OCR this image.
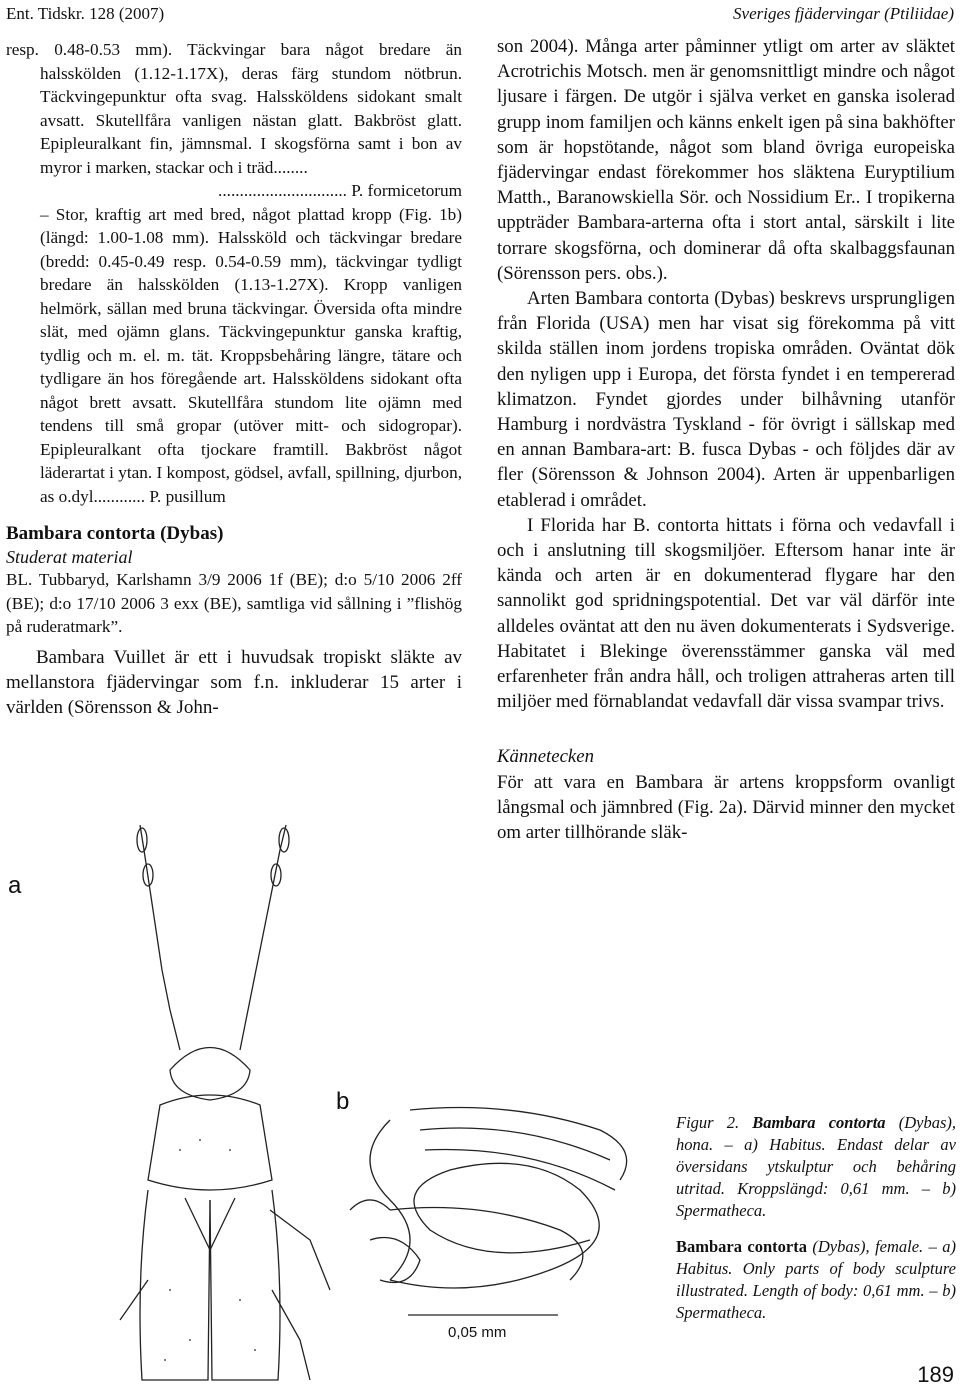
Ent. Tidskr. 128 (2007)	Sveriges fjädervingar (Ptiliidae)

resp. 0.48-0.53 mm). Täckvingar bara något bredare än halsskölden (1.12-1.17X), deras färg stundom nötbrun. Täckvingepunktur ofta svag. Halssköldens sidokant smalt avsatt. Skutellfåra vanligen nästan glatt. Bakbröst glatt. Epipleuralkant fin, jämnsmal. I skogsförna samt i bon av myror i marken, stackar och i träd........

.............................. P. formicetorum

– Stor, kraftig art med bred, något plattad kropp (Fig. 1b) (längd: 1.00-1.08 mm). Halssköld och täckvingar bredare (bredd: 0.45-0.49 resp. 0.54-0.59 mm), täckvingar tydligt bredare än halsskölden (1.13-1.27X). Kropp vanligen helmörk, sällan med bruna täckvingar. Översida ofta mindre slät, med ojämn glans. Täckvingepunktur ganska kraftig, tydlig och m. el. m. tät. Kroppsbehåring längre, tätare och tydligare än hos föregående art. Halssköldens sidokant ofta något brett avsatt. Skutellfåra stundom lite ojämn med tendens till små gropar (utöver mitt- och sidogropar). Epipleuralkant ofta tjockare framtill. Bakbröst något läderartat i ytan. I kompost, gödsel, avfall, spillning, djurbon, as o.dyl............ P. pusillum

Bambara contorta (Dybas)
Studerat material

BL. Tubbaryd, Karlshamn 3/9 2006 1f (BE); d:o 5/10 2006 2ff (BE); d:o 17/10 2006 3 exx (BE), samtliga vid sållning i ”flishög på ruderatmark”.

Bambara Vuillet är ett i huvudsak tropiskt släkte av mellanstora fjädervingar som f.n. inkluderar 15 arter i världen (Sörensson & John-

son 2004). Många arter påminner ytligt om arter av släktet Acrotrichis Motsch. men är genomsnittligt mindre och något ljusare i färgen. De utgör i själva verket en ganska isolerad grupp inom familjen och känns enkelt igen på sina bakhöfter som är hopstötande, något som bland övriga europeiska fjädervingar endast förekommer hos släktena Euryptilium Matth., Baranowskiella Sör. och Nossidium Er.. I tropikerna uppträder Bambara-arterna ofta i stort antal, särskilt i lite torrare skogsförna, och dominerar då ofta skalbaggsfaunan (Sörensson pers. obs.).

Arten Bambara contorta (Dybas) beskrevs ursprungligen från Florida (USA) men har visat sig förekomma på vitt skilda ställen inom jordens tropiska områden. Oväntat dök den nyligen upp i Europa, det första fyndet i en tempererad klimatzon. Fyndet gjordes under bilhåvning utanför Hamburg i nordvästra Tyskland - för övrigt i sällskap med en annan Bambara-art: B. fusca Dybas - och följdes där av fler (Sörensson & Johnson 2004). Arten är uppenbarligen etablerad i området.

I Florida har B. contorta hittats i förna och vedavfall i och i anslutning till skogsmiljöer. Eftersom hanar inte är kända och arten är en dokumenterad flygare har den sannolikt god spridningspotential. Det var väl därför inte alldeles oväntat att den nu även dokumenterats i Sydsverige. Habitatet i Blekinge överensstämmer ganska väl med erfarenheter från andra håll, och troligen attraheras arten till miljöer med förnablandat vedavfall där vissa svampar trivs.

Kännetecken

För att vara en Bambara är artens kroppsform ovanligt långsmal och jämnbred (Fig. 2a). Därvid minner den mycket om arter tillhörande släk-

a
b
0,05 mm
Figur 2. Bambara contorta (Dybas), hona. – a) Habitus. Endast delar av översidans ytskulptur och behåring utritad. Kroppslängd: 0,61 mm. – b) Spermatheca.
Bambara contorta (Dybas), female. – a) Habitus. Only parts of body sculpture illustrated. Length of body: 0,61 mm. – b) Spermatheca.
189
